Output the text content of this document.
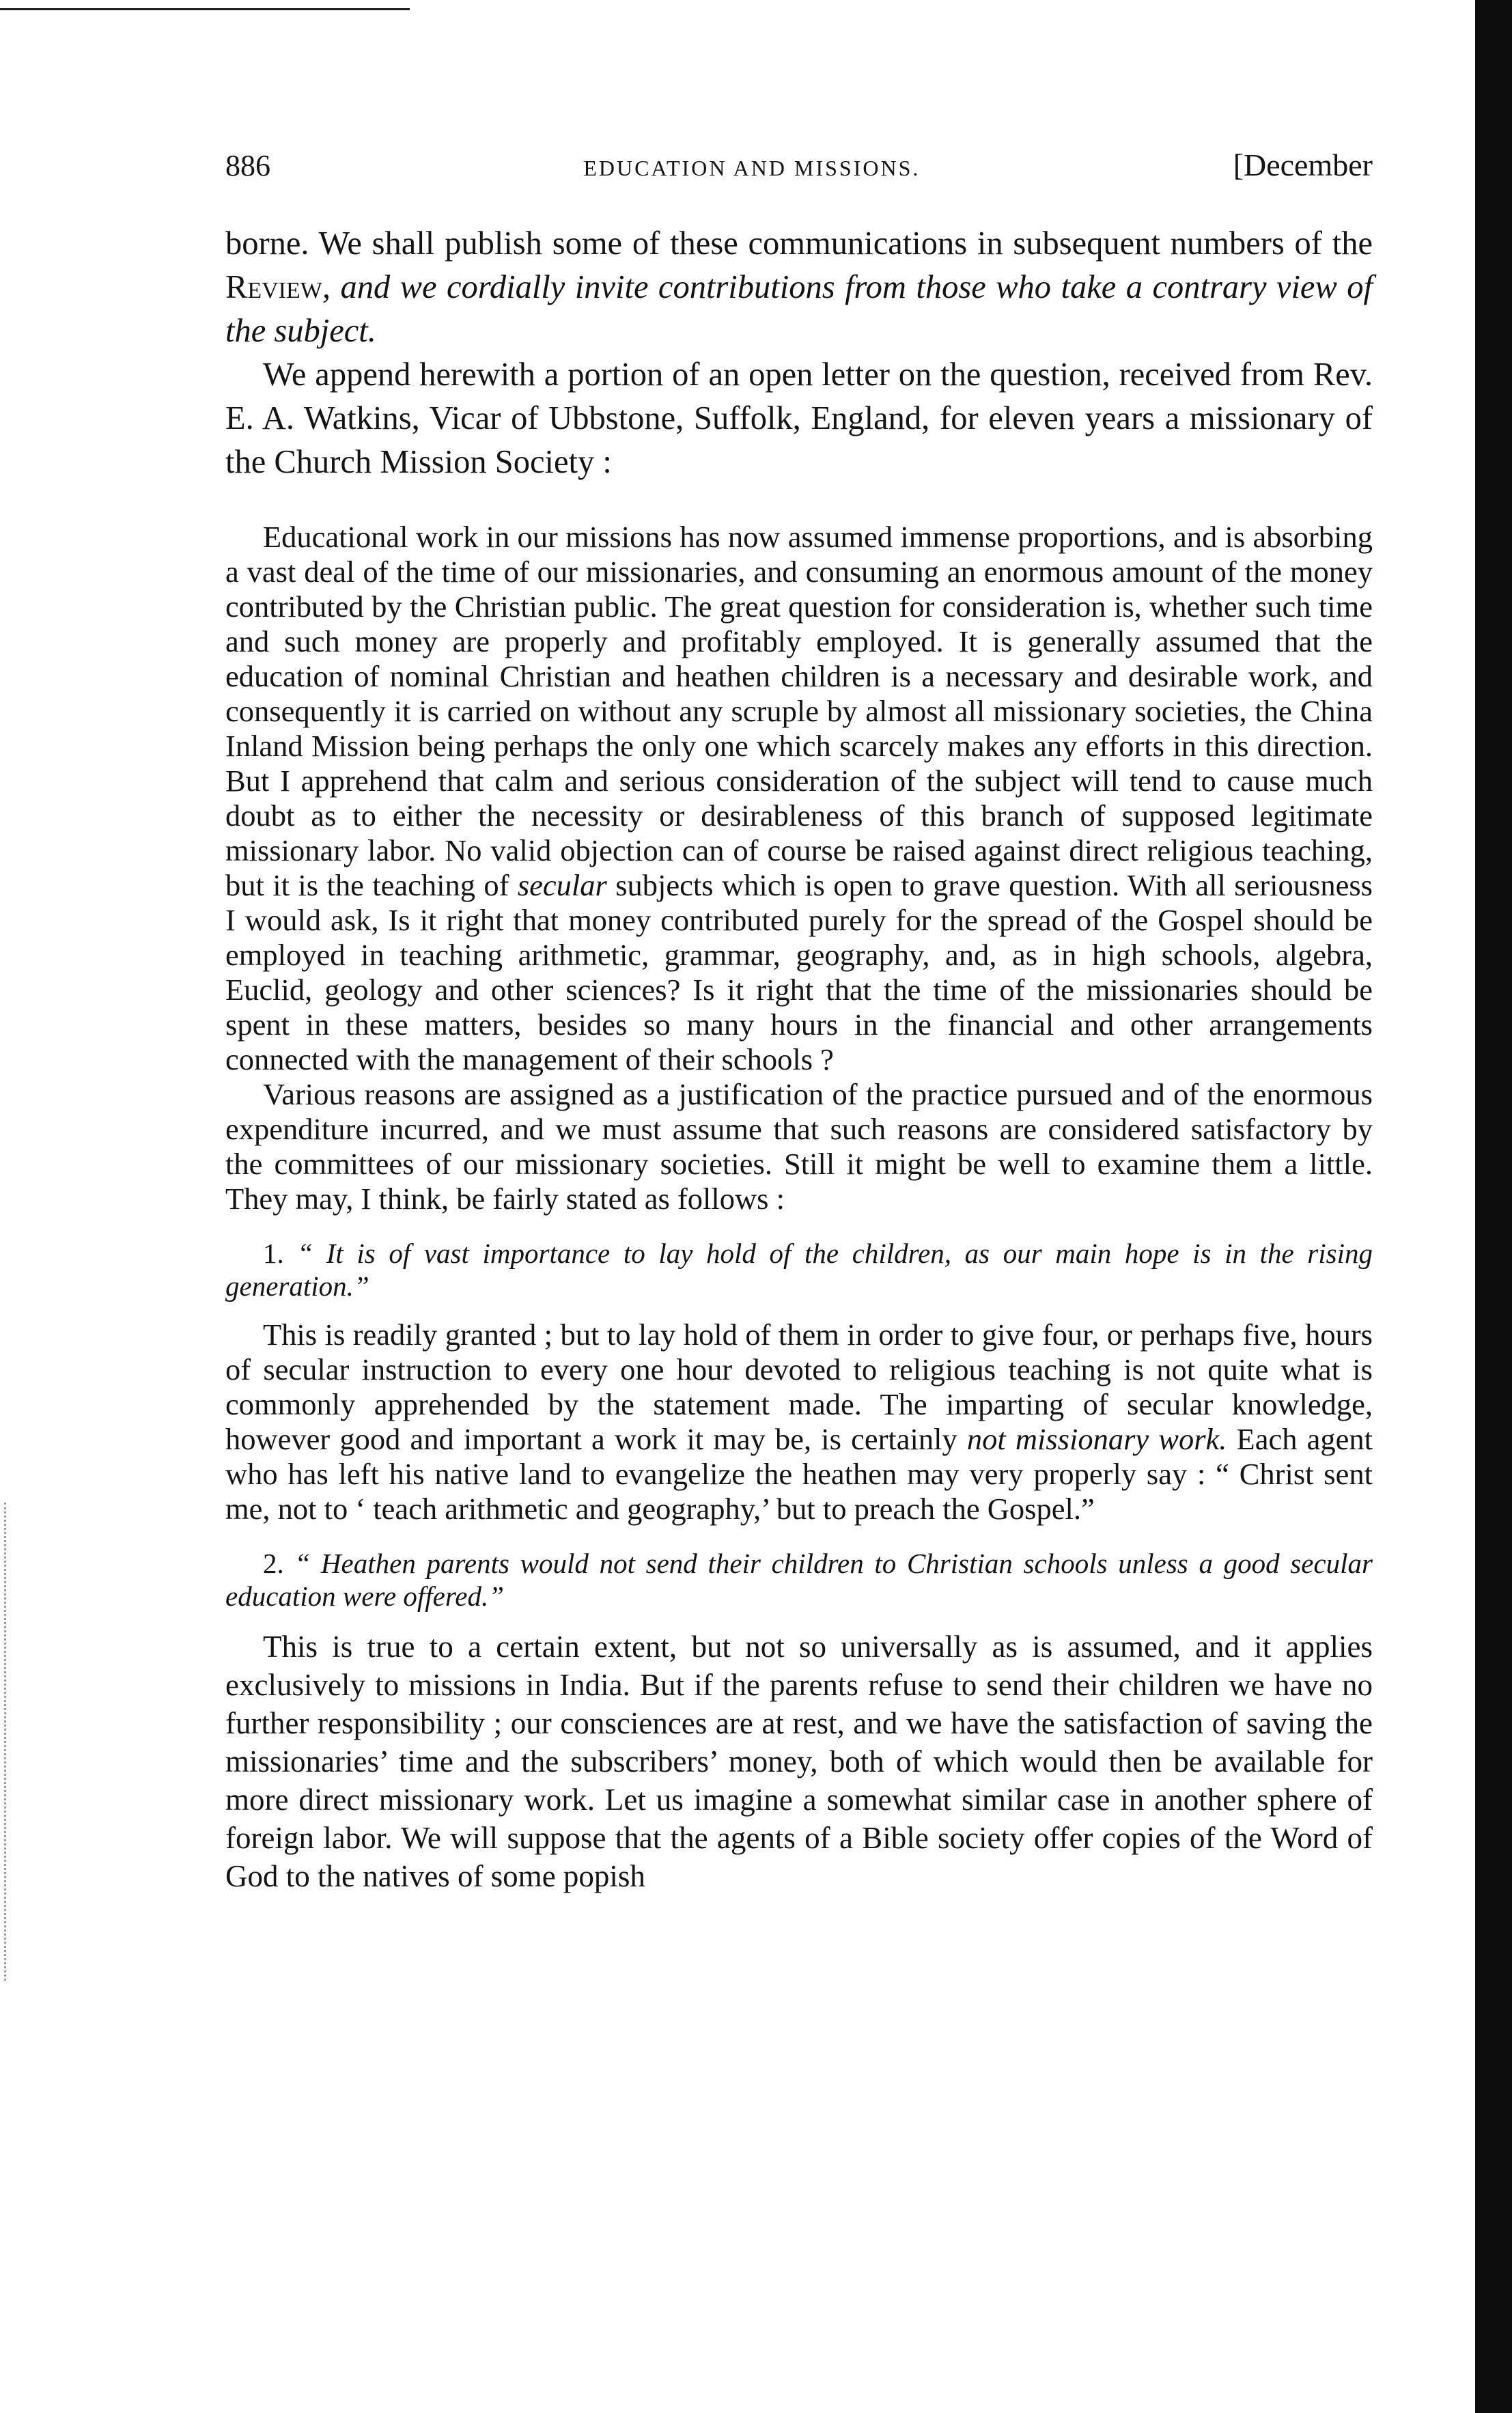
886	EDUCATION AND MISSIONS.	[December

borne. We shall publish some of these communications in subsequent numbers of the Review, and we cordially invite contributions from those who take a contrary view of the subject.

We append herewith a portion of an open letter on the question, received from Rev. E. A. Watkins, Vicar of Ubbstone, Suffolk, England, for eleven years a missionary of the Church Mission Society :

Educational work in our missions has now assumed immense proportions, and is absorbing a vast deal of the time of our missionaries, and consuming an enormous amount of the money contributed by the Christian public. The great question for consideration is, whether such time and such money are properly and profitably employed. It is generally assumed that the education of nominal Christian and heathen children is a necessary and desirable work, and consequently it is carried on without any scruple by almost all missionary societies, the China Inland Mission being perhaps the only one which scarcely makes any efforts in this direction. But I apprehend that calm and serious consideration of the subject will tend to cause much doubt as to either the necessity or desirableness of this branch of supposed legitimate missionary labor. No valid objection can of course be raised against direct religious teaching, but it is the teaching of secular subjects which is open to grave question. With all seriousness I would ask, Is it right that money contributed purely for the spread of the Gospel should be employed in teaching arithmetic, grammar, geography, and, as in high schools, algebra, Euclid, geology and other sciences? Is it right that the time of the missionaries should be spent in these matters, besides so many hours in the financial and other arrangements connected with the management of their schools ?

Various reasons are assigned as a justification of the practice pursued and of the enormous expenditure incurred, and we must assume that such reasons are considered satisfactory by the committees of our missionary societies. Still it might be well to examine them a little. They may, I think, be fairly stated as follows :

1. “ It is of vast importance to lay hold of the children, as our main hope is in the rising generation.”

This is readily granted ; but to lay hold of them in order to give four, or perhaps five, hours of secular instruction to every one hour devoted to religious teaching is not quite what is commonly apprehended by the statement made. The imparting of secular knowledge, however good and important a work it may be, is certainly not missionary work. Each agent who has left his native land to evangelize the heathen may very properly say : “ Christ sent me, not to ‘ teach arithmetic and geography,’ but to preach the Gospel.”

2. “ Heathen parents would not send their children to Christian schools unless a good secular education were offered.”

This is true to a certain extent, but not so universally as is assumed, and it applies exclusively to missions in India. But if the parents refuse to send their children we have no further responsibility ; our consciences are at rest, and we have the satisfaction of saving the missionaries’ time and the subscribers’ money, both of which would then be available for more direct missionary work. Let us imagine a somewhat similar case in another sphere of foreign labor. We will suppose that the agents of a Bible society offer copies of the Word of God to the natives of some popish
